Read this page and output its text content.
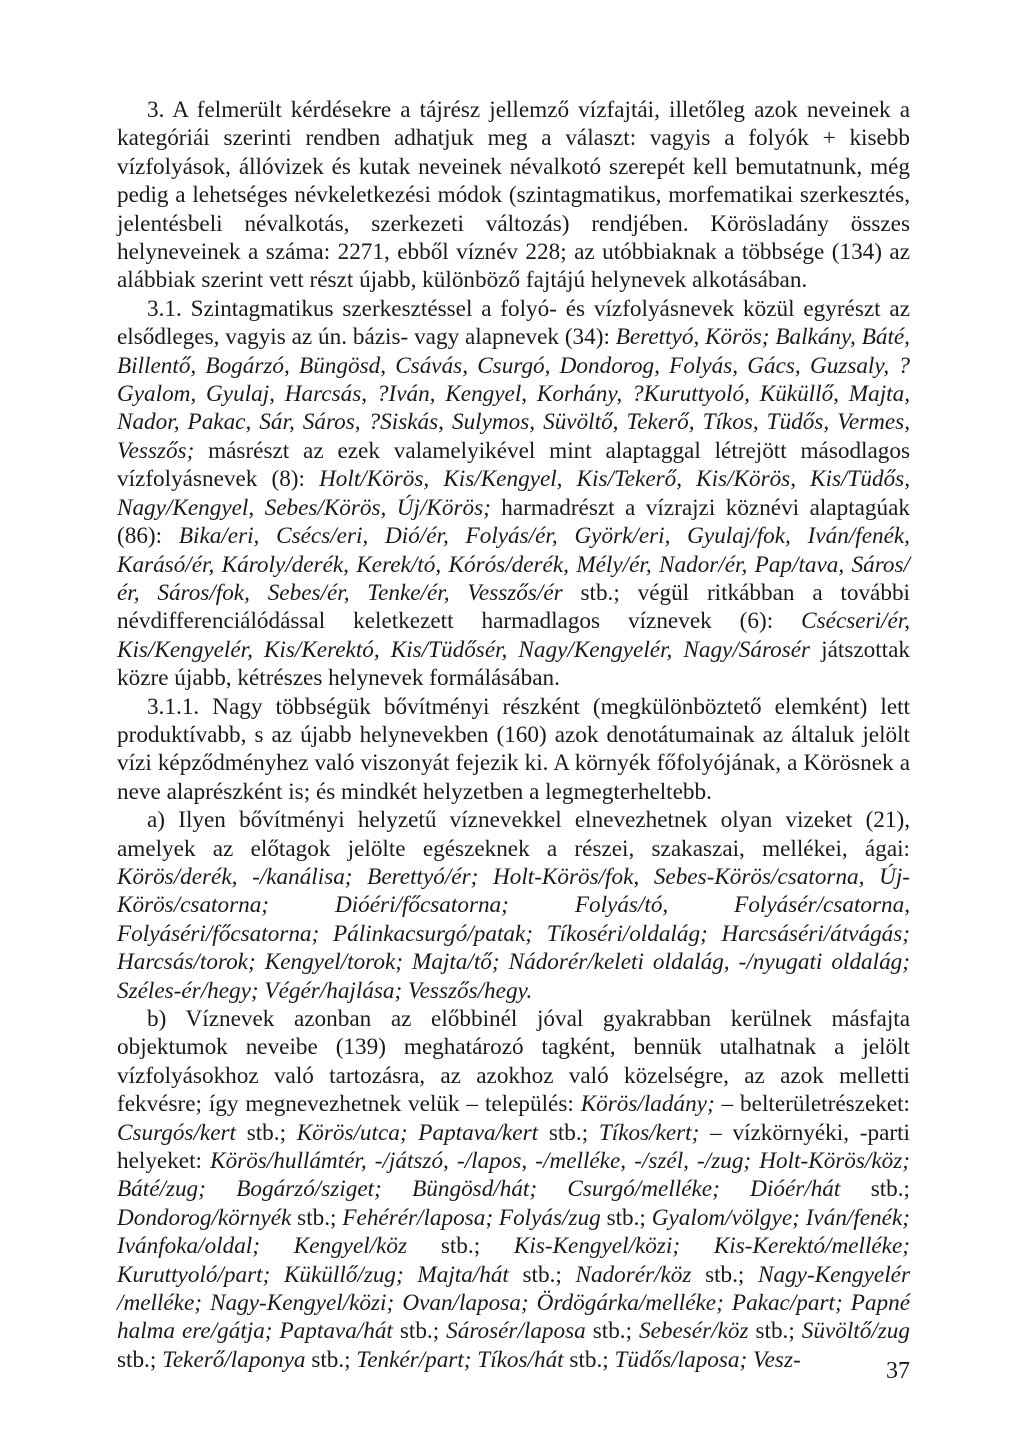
3. A felmerült kérdésekre a tájrész jellemző vízfajtái, illetőleg azok neveinek a kategóriái szerinti rendben adhatjuk meg a választ: vagyis a folyók + kisebb vízfolyások, állóvizek és kutak neveinek névalkotó szerepét kell bemutatnunk, még pedig a lehetséges névkeletkezési módok (szintagmatikus, morfematikai szerkesztés, jelentésbeli névalkotás, szerkezeti változás) rendjében. Körösladány összes helyneveinek a száma: 2271, ebből víznév 228; az utóbbiaknak a többsége (134) az alábbiak szerint vett részt újabb, különböző fajtájú helynevek alkotásában.

3.1. Szintagmatikus szerkesztéssel a folyó- és vízfolyásnevek közül egyrészt az elsődleges, vagyis az ún. bázis- vagy alapnevek (34): Berettyó, Körös; Balkány, Báté, Billentő, Bogárzó, Büngösd, Csávás, Csurgó, Dondorog, Folyás, Gács, Guzsaly, ?Gyalom, Gyulaj, Harcsás, ?Iván, Kengyel, Korhány, ?Kuruttyoló, Küküllő, Majta, Nador, Pakac, Sár, Sáros, ?Siskás, Sulymos, Süvöltő, Tekerő, Tíkos, Tüdős, Vermes, Vesszős; másrészt az ezek valamelyikével mint alaptaggal létrejött másodlagos vízfolyásnevek (8): Holt/Körös, Kis/Kengyel, Kis/Tekerő, Kis/Körös, Kis/Tüdős, Nagy/Kengyel, Sebes/Körös, Új/Körös; harmadrészt a vízrajzi köznévi alaptagúak (86): Bika/eri, Csécs/eri, Dió/ér, Folyás/ér, Györk/eri, Gyulaj/fok, Iván/fenék, Karásó/ér, Károly/derék, Kerek/tó, Kórós/derék, Mély/ér, Nador/ér, Pap/tava, Sáros/ér, Sáros/fok, Sebes/ér, Tenke/ér, Vesszős/ér stb.; végül ritkábban a további névdifferenciálódással keletkezett harmadlagos víznevek (6): Csécseri/ér, Kis/Kengyelér, Kis/Kerektó, Kis/Tüdősér, Nagy/Kengyelér, Nagy/Sárosér játszottak közre újabb, kétrészes helynevek formálásában.

3.1.1. Nagy többségük bővítményi részként (megkülönböztető elemként) lett produktívabb, s az újabb helynevekben (160) azok denotátumainak az általuk jelölt vízi képződményhez való viszonyát fejezik ki. A környék főfolyójának, a Körösnek a neve alaprészként is; és mindkét helyzetben a legmegterheltebb.

a) Ilyen bővítményi helyzetű víznevekkel elnevezhetnek olyan vizeket (21), amelyek az előtagok jelölte egészeknek a részei, szakaszai, mellékei, ágai: Körös/derék, -/kanálisa; Berettyó/ér; Holt-Körös/fok, Sebes-Körös/csatorna, Új-Körös/csatorna; Dióéri/főcsatorna; Folyás/tó, Folyásér/csatorna, Folyáséri/főcsatorna; Pálinkacsurgó/patak; Tíkoséri/oldalág; Harcsáséri/átvágás; Harcsás/torok; Kengyel/torok; Majta/tő; Nádorér/keleti oldalág, -/nyugati oldalág; Széles-ér/hegy; Végér/hajlása; Vesszős/hegy.

b) Víznevek azonban az előbbinél jóval gyakrabban kerülnek másfajta objektumok neveibe (139) meghatározó tagként, bennük utalhatnak a jelölt vízfolyásokhoz való tartozásra, az azokhoz való közelségre, az azok melletti fekvésre; így megnevezhetnek velük – település: Körös/ladány; – belterületrészeket: Csurgós/kert stb.; Körös/utca; Paptava/kert stb.; Tíkos/kert; – vízkörnyéki, -parti helyeket: Körös/hullámtér, -/játszó, -/lapos, -/melléke, -/szél, -/zug; Holt-Körös/köz; Báté/zug; Bogárzó/sziget; Büngösd/hát; Csurgó/melléke; Dióér/hát stb.; Dondorog/környék stb.; Fehérér/laposa; Folyás/zug stb.; Gyalom/völgye; Iván/fenék; Ivánfoka/oldal; Kengyel/köz stb.; Kis-Kengyel/közi; Kis-Kerektó/melléke; Kuruttyoló/part; Küküllő/zug; Majta/hát stb.; Nadorér/köz stb.; Nagy-Kengyelér /melléke; Nagy-Kengyel/közi; Ovan/laposa; Ördögárka/melléke; Pakac/part; Papné halma ere/gátja; Paptava/hát stb.; Sárosér/laposa stb.; Sebesér/köz stb.; Süvöltő/zug stb.; Tekerő/laponya stb.; Tenkér/part; Tíkos/hát stb.; Tüdős/laposa; Vesz-	37
